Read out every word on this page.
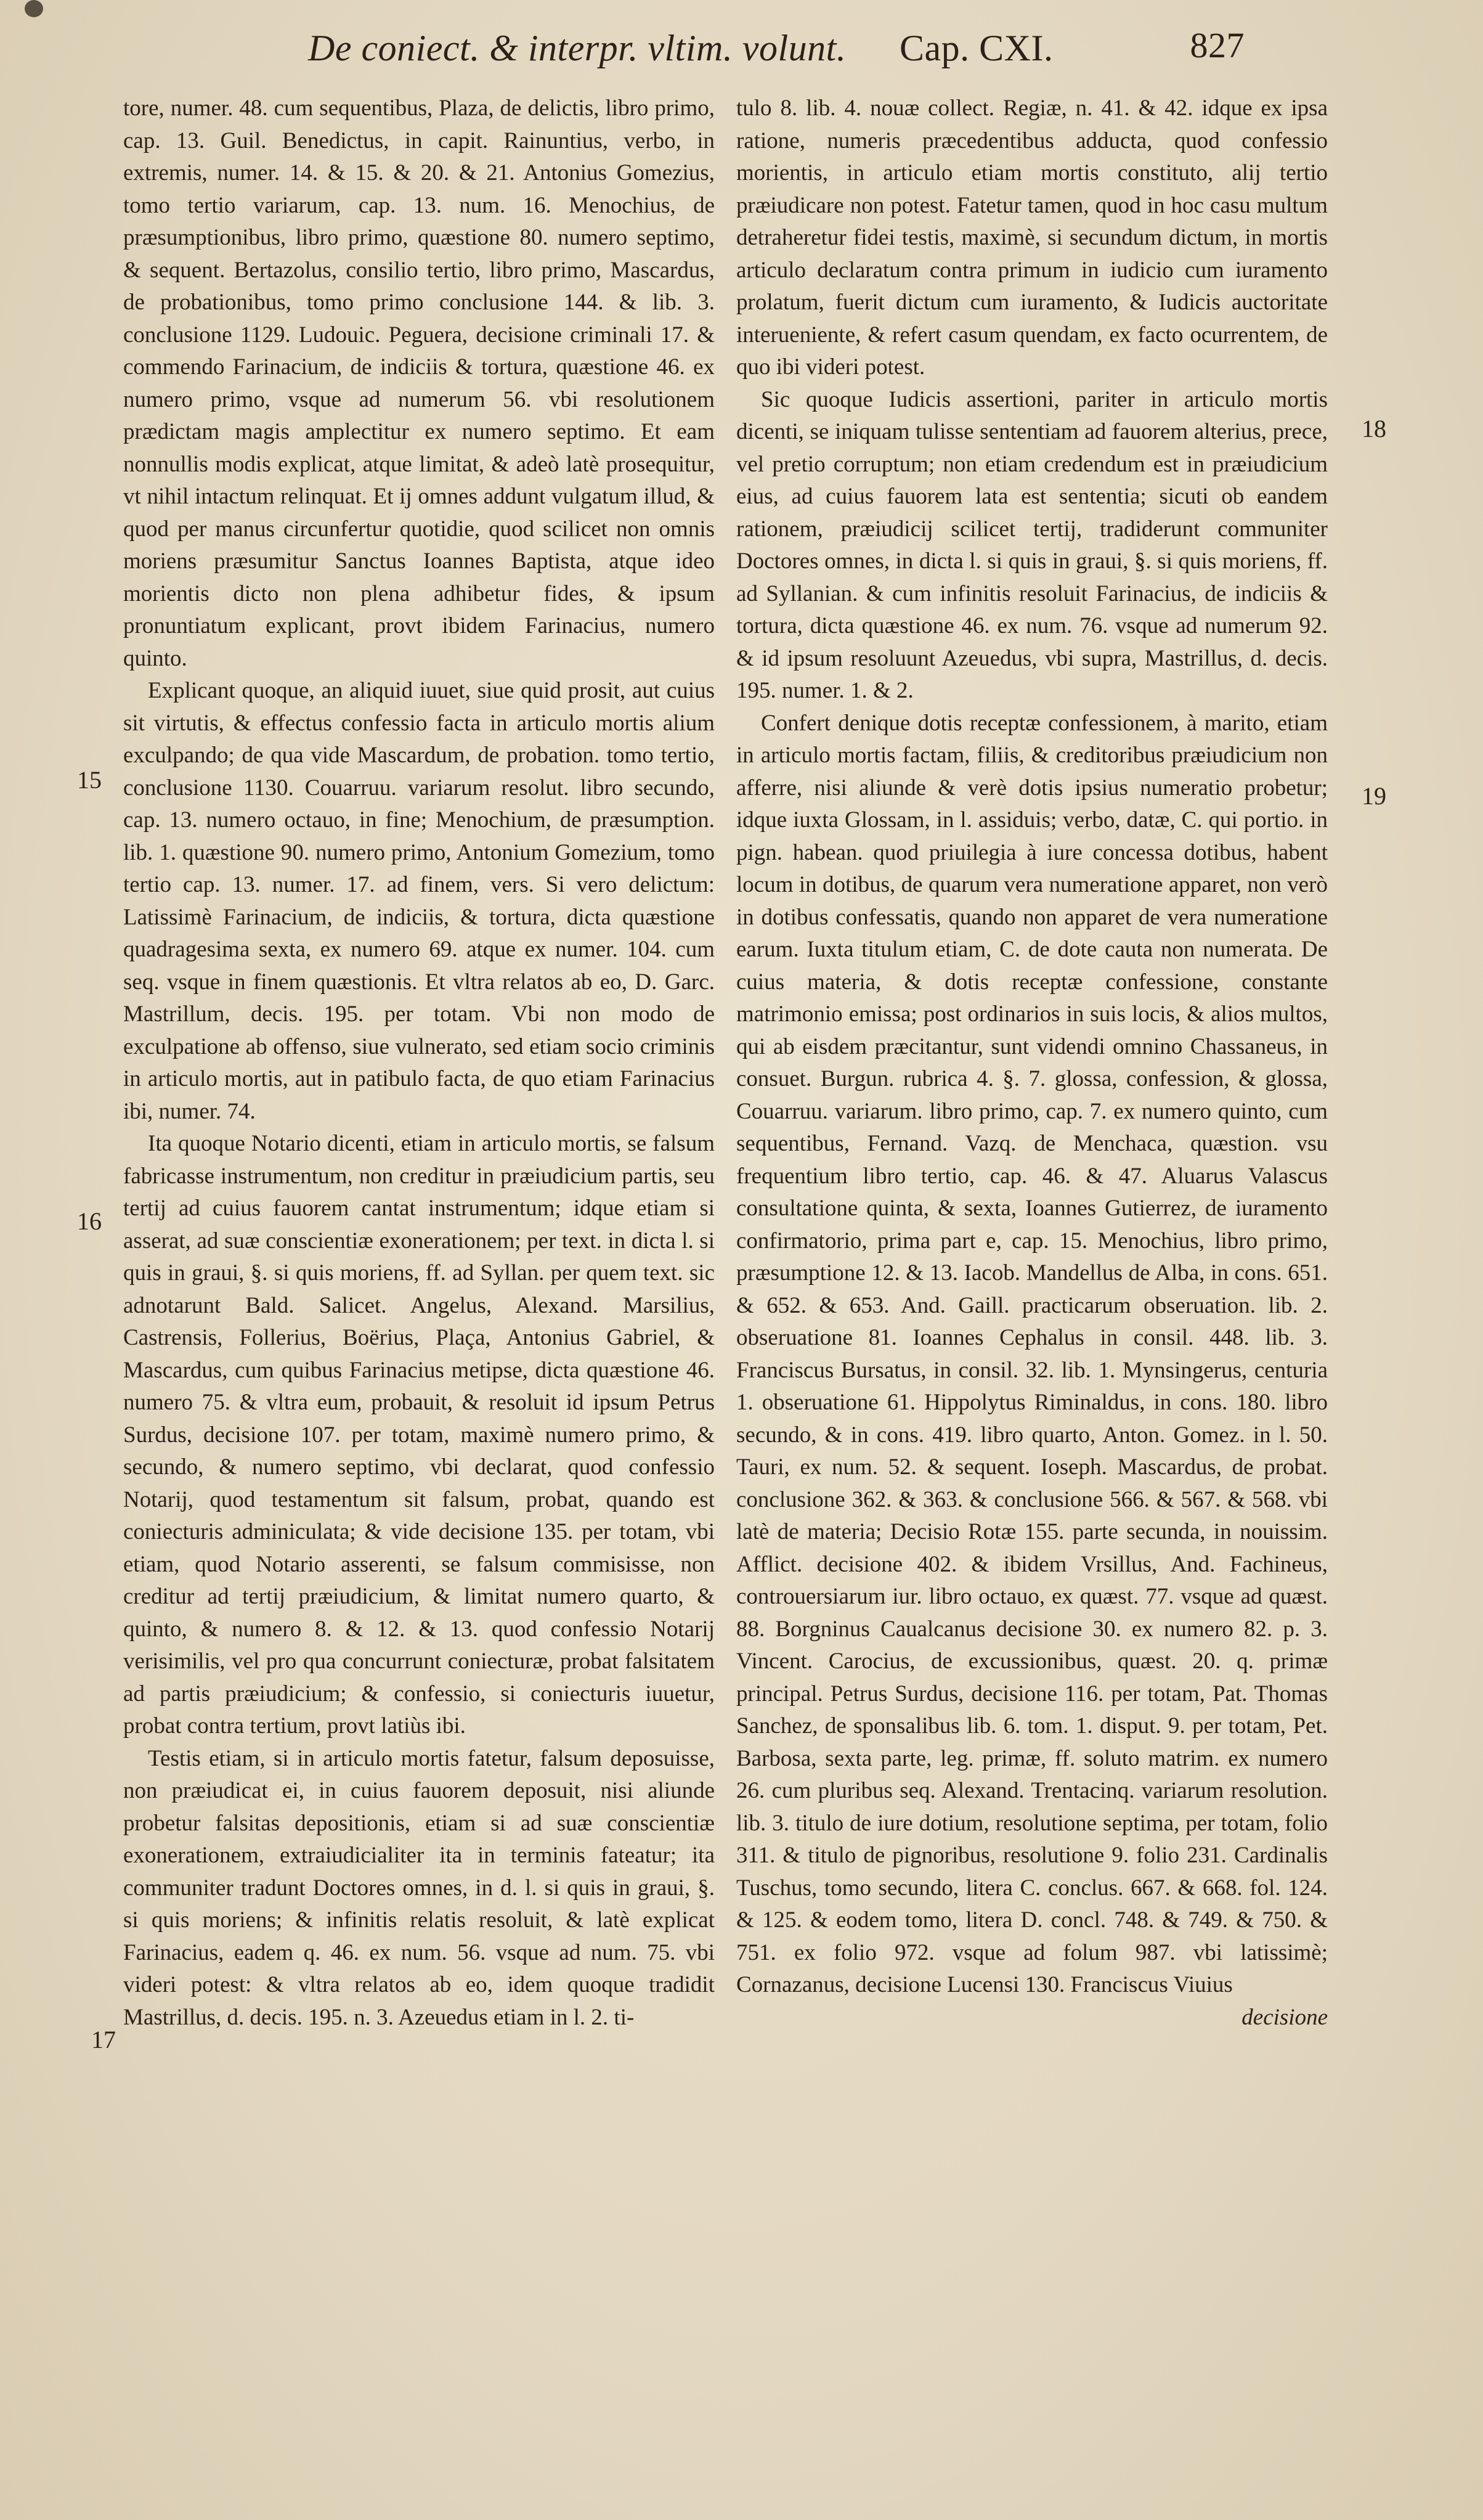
De coniect. & interpr. vltim. volunt. Cap. CXI.	827

tore, numer. 48. cum sequentibus, Plaza, de delictis, libro primo, cap. 13. Guil. Benedictus, in capit. Rainuntius, verbo, in extremis, numer. 14. & 15. & 20. & 21. Antonius Gomezius, tomo tertio variarum, cap. 13. num. 16. Menochius, de præsumptionibus, libro primo, quæstione 80. numero septimo, & sequent. Bertazolus, consilio tertio, libro primo, Mascardus, de probationibus, tomo primo conclusione 144. & lib. 3. conclusione 1129. Ludouic. Peguera, decisione criminali 17. & commendo Farinacium, de indiciis & tortura, quæstione 46. ex numero primo, vsque ad numerum 56. vbi resolutionem prædictam magis amplectitur ex numero septimo. Et eam nonnullis modis explicat, atque limitat, & adeò latè prosequitur, vt nihil intactum relinquat. Et ij omnes addunt vulgatum illud, & quod per manus circunfertur quotidie, quod scilicet non omnis moriens præsumitur Sanctus Ioannes Baptista, atque ideo morientis dicto non plena adhibetur fides, & ipsum pronuntiatum explicant, provt ibidem Farinacius, numero quinto.

Explicant quoque, an aliquid iuuet, siue quid prosit, aut cuius sit virtutis, & effectus confessio facta in articulo mortis alium exculpando; de qua vide Mascardum, de probation. tomo tertio, conclusione 1130. Couarruu. variarum resolut. libro secundo, cap. 13. numero octauo, in fine; Menochium, de præsumption. lib. 1. quæstione 90. numero primo, Antonium Gomezium, tomo tertio cap. 13. numer. 17. ad finem, vers. Si vero delictum: Latissimè Farinacium, de indiciis, & tortura, dicta quæstione quadragesima sexta, ex numero 69. atque ex numer. 104. cum seq. vsque in finem quæstionis. Et vltra relatos ab eo, D. Garc. Mastrillum, decis. 195. per totam. Vbi non modo de exculpatione ab offenso, siue vulnerato, sed etiam socio criminis in articulo mortis, aut in patibulo facta, de quo etiam Farinacius ibi, numer. 74.

Ita quoque Notario dicenti, etiam in articulo mortis, se falsum fabricasse instrumentum, non creditur in præiudicium partis, seu tertij ad cuius fauorem cantat instrumentum; idque etiam si asserat, ad suæ conscientiæ exonerationem; per text. in dicta l. si quis in graui, §. si quis moriens, ff. ad Syllan. per quem text. sic adnotarunt Bald. Salicet. Angelus, Alexand. Marsilius, Castrensis, Follerius, Boërius, Plaça, Antonius Gabriel, & Mascardus, cum quibus Farinacius metipse, dicta quæstione 46. numero 75. & vltra eum, probauit, & resoluit id ipsum Petrus Surdus, decisione 107. per totam, maximè numero primo, & secundo, & numero septimo, vbi declarat, quod confessio Notarij, quod testamentum sit falsum, probat, quando est coniecturis adminiculata; & vide decisione 135. per totam, vbi etiam, quod Notario asserenti, se falsum commisisse, non creditur ad tertij præiudicium, & limitat numero quarto, & quinto, & numero 8. & 12. & 13. quod confessio Notarij verisimilis, vel pro qua concurrunt coniecturæ, probat falsitatem ad partis præiudicium; & confessio, si coniecturis iuuetur, probat contra tertium, provt latiùs ibi.

Testis etiam, si in articulo mortis fatetur, falsum deposuisse, non præiudicat ei, in cuius fauorem deposuit, nisi aliunde probetur falsitas depositionis, etiam si ad suæ conscientiæ exonerationem, extraiudicialiter ita in terminis fateatur; ita communiter tradunt Doctores omnes, in d. l. si quis in graui, §. si quis moriens; & infinitis relatis resoluit, & latè explicat Farinacius, eadem q. 46. ex num. 56. vsque ad num. 75. vbi videri potest: & vltra relatos ab eo, idem quoque tradidit Mastrillus, d. decis. 195. n. 3. Azeuedus etiam in l. 2. ti-

tulo 8. lib. 4. nouæ collect. Regiæ, n. 41. & 42. idque ex ipsa ratione, numeris præcedentibus adducta, quod confessio morientis, in articulo etiam mortis constituto, alij tertio præiudicare non potest. Fatetur tamen, quod in hoc casu multum detraheretur fidei testis, maximè, si secundum dictum, in mortis articulo declaratum contra primum in iudicio cum iuramento prolatum, fuerit dictum cum iuramento, & Iudicis auctoritate interueniente, & refert casum quendam, ex facto ocurrentem, de quo ibi videri potest.

Sic quoque Iudicis assertioni, pariter in articulo mortis dicenti, se iniquam tulisse sententiam ad fauorem alterius, prece, vel pretio corruptum; non etiam credendum est in præiudicium eius, ad cuius fauorem lata est sententia; sicuti ob eandem rationem, præiudicij scilicet tertij, tradiderunt communiter Doctores omnes, in dicta l. si quis in graui, §. si quis moriens, ff. ad Syllanian. & cum infinitis resoluit Farinacius, de indiciis & tortura, dicta quæstione 46. ex num. 76. vsque ad numerum 92. & id ipsum resoluunt Azeuedus, vbi supra, Mastrillus, d. decis. 195. numer. 1. & 2.

Confert denique dotis receptæ confessionem, à marito, etiam in articulo mortis factam, filiis, & creditoribus præiudicium non afferre, nisi aliunde & verè dotis ipsius numeratio probetur; idque iuxta Glossam, in l. assiduis; verbo, datæ, C. qui portio. in pign. habean. quod priuilegia à iure concessa dotibus, habent locum in dotibus, de quarum vera numeratione apparet, non verò in dotibus confessatis, quando non apparet de vera numeratione earum. Iuxta titulum etiam, C. de dote cauta non numerata. De cuius materia, & dotis receptæ confessione, constante matrimonio emissa; post ordinarios in suis locis, & alios multos, qui ab eisdem præcitantur, sunt videndi omnino Chassaneus, in consuet. Burgun. rubrica 4. §. 7. glossa, confession, & glossa, Couarruu. variarum. libro primo, cap. 7. ex numero quinto, cum sequentibus, Fernand. Vazq. de Menchaca, quæstion. vsu frequentium libro tertio, cap. 46. & 47. Aluarus Valascus consultatione quinta, & sexta, Ioannes Gutierrez, de iuramento confirmatorio, prima part e, cap. 15. Menochius, libro primo, præsumptione 12. & 13. Iacob. Mandellus de Alba, in cons. 651. & 652. & 653. And. Gaill. practicarum obseruation. lib. 2. obseruatione 81. Ioannes Cephalus in consil. 448. lib. 3. Franciscus Bursatus, in consil. 32. lib. 1. Mynsingerus, centuria 1. obseruatione 61. Hippolytus Riminaldus, in cons. 180. libro secundo, & in cons. 419. libro quarto, Anton. Gomez. in l. 50. Tauri, ex num. 52. & sequent. Ioseph. Mascardus, de probat. conclusione 362. & 363. & conclusione 566. & 567. & 568. vbi latè de materia; Decisio Rotæ 155. parte secunda, in nouissim. Afflict. decisione 402. & ibidem Vrsillus, And. Fachineus, controuersiarum iur. libro octauo, ex quæst. 77. vsque ad quæst. 88. Borgninus Caualcanus decisione 30. ex numero 82. p. 3. Vincent. Carocius, de excussionibus, quæst. 20. q. primæ principal. Petrus Surdus, decisione 116. per totam, Pat. Thomas Sanchez, de sponsalibus lib. 6. tom. 1. disput. 9. per totam, Pet. Barbosa, sexta parte, leg. primæ, ff. soluto matrim. ex numero 26. cum pluribus seq. Alexand. Trentacinq. variarum resolution. lib. 3. titulo de iure dotium, resolutione septima, per totam, folio 311. & titulo de pignoribus, resolutione 9. folio 231. Cardinalis Tuschus, tomo secundo, litera C. conclus. 667. & 668. fol. 124. & 125. & eodem tomo, litera D. concl. 748. & 749. & 750. & 751. ex folio 972. vsque ad folum 987. vbi latissimè; Cornazanus, decisione Lucensi 130. Franciscus Viuius

decisione

15
16
17
18
19
